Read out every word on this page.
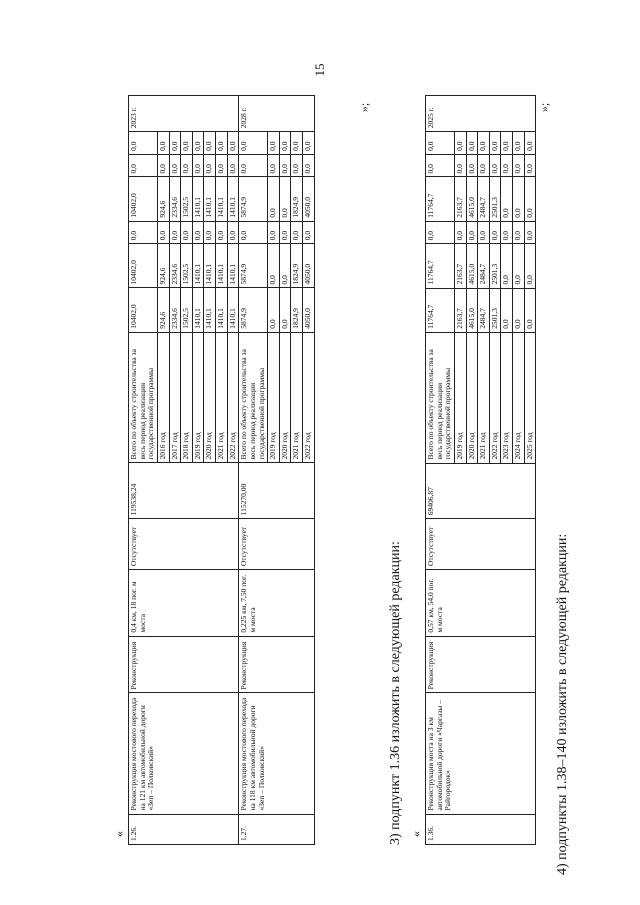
15
« 1.26.	Реконструкция мостового перехода на 121 км автомобильной дороги «Зеп – Полковский»	Реконструкция	0,4 км, 18 пог. м моста	Отсутствует	119538,24	Всего по объекту строительства за весь период реализации государственной программы	10402,0	10402,0	0,0	10402,0	0,0	0,0	2023 г.
						2016 год	924,6	924,6	0,0	924,6	0,0	0,0	
						2017 год	2334,6	2334,6	0,0	2334,6	0,0	0,0	
						2018 год	1502,5	1502,5	0,0	1502,5	0,0	0,0	
						2019 год	1410,1	1410,1	0,0	1410,1	0,0	0,0	
						2020 год	1410,1	1410,1	0,0	1410,1	0,0	0,0	
						2021 год	1410,1	1410,1	0,0	1410,1	0,0	0,0	
						2022 год	1410,1	1410,1	0,0	1410,1	0,0	0,0	
1.27.	Реконструкция мостового перехода на 118 км автомобильной дороги «Зеп – Полковский»	Реконструкция	0,225 км, 7,50 пог. м моста	Отсутствует	115270,00	Всего по объекту строительства за весь период реализации государственной программы	5874,9	5874,9	0,0	5874,9	0,0	0,0	2028 г.
						2019 год	0,0	0,0	0,0	0,0	0,0	0,0	
						2020 год	0,0	0,0	0,0	0,0	0,0	0,0	
						2021 год	1824,9	1824,9	0,0	1824,9	0,0	0,0	
						2022 год	4050,0	4050,0	0,0	4050,0	0,0	0,0	
»;
3) подпункт 1.36 изложить в следующей редакции: « 1.36.	Реконструкция моста на 3 км автомобильной дороги «Чаргазы – Райгородок»	Реконструкция	0,57 км, 54,0 пог. м моста	Отсутствует	69406,87	Всего по объекту строительства за весь период реализации государственной программы	11764,7	11764,7	0,0	11764,7	0,0	0,0	2025 г.
						2019 год	2163,7	2163,7	0,0	2163,7	0,0	0,0	
						2020 год	4615,0	4615,0	0,0	4615,0	0,0	0,0	
						2021 год	2484,7	2484,7	0,0	2484,7	0,0	0,0	
						2022 год	2501,3	2501,3	0,0	2501,3	0,0	0,0	
						2023 год	0,0	0,0	0,0	0,0	0,0	0,0	
						2024 год	0,0	0,0	0,0	0,0	0,0	0,0	
						2025 год	0,0	0,0	0,0	0,0	0,0	0,0	
»;
4) подпункты 1.38–140 изложить в следующей редакции:
